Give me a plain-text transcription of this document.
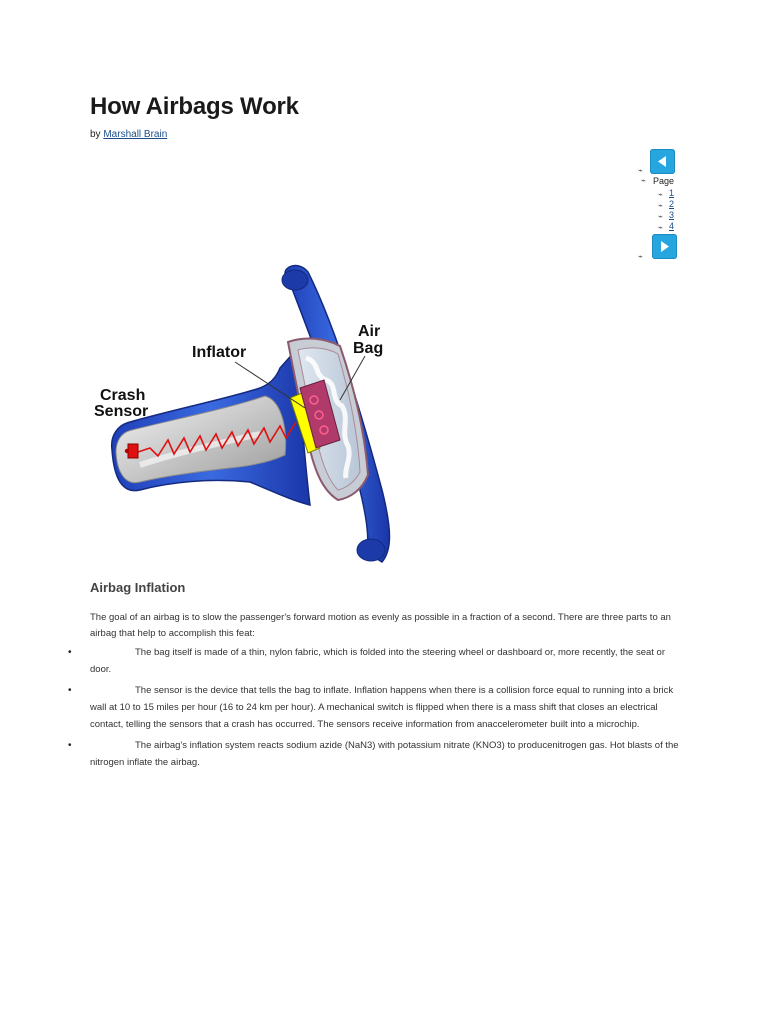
How Airbags Work
by Marshall Brain
⌁
⌁ Page
⌁ 1
⌁ 2
⌁ 3
⌁ 4
⌁
Inflator
Air
Bag
Crash
Sensor
Airbag Inflation

The goal of an airbag is to slow the passenger's forward motion as evenly as possible in a fraction of a second. There are three parts to an airbag that help to accomplish this feat:

•	The bag itself is made of a thin, nylon fabric, which is folded into the steering wheel or dashboard or, more recently, the seat or door.
•	The sensor is the device that tells the bag to inflate. Inflation happens when there is a collision force equal to running into a brick wall at 10 to 15 miles per hour (16 to 24 km per hour). A mechanical switch is flipped when there is a mass shift that closes an electrical contact, telling the sensors that a crash has occurred. The sensors receive information from anaccelerometer built into a microchip.
•	The airbag's inflation system reacts sodium azide (NaN3) with potassium nitrate (KNO3) to producenitrogen gas. Hot blasts of the nitrogen inflate the airbag.
